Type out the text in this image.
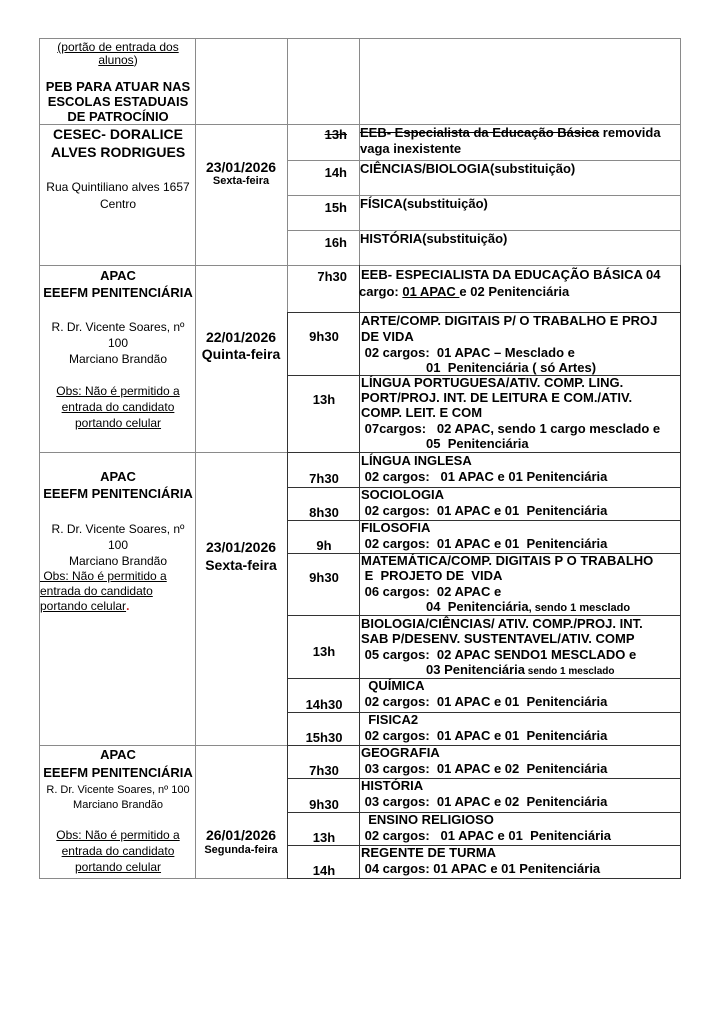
(portão de entrada dos
alunos)
PEB PARA ATUAR NAS
ESCOLAS ESTADUAIS
DE PATROCÍNIO
CESEC- DORALICE
ALVES RODRIGUES
Rua Quintiliano alves 1657
Centro
23/01/2026
Sexta-feira
13h
14h
15h
16h
EEB- Especialista da Educação Básica removida
vaga inexistente
CIÊNCIAS/BIOLOGIA(substituição)
FÍSICA(substituição)
HISTÓRIA(substituição)
APAC
EEEFM PENITENCIÁRIA
R. Dr. Vicente Soares, nº
100
Marciano Brandão
Obs: Não é permitido a
entrada do candidato
portando celular
22/01/2026
Quinta-feira
7h30
9h30
13h
EEB- ESPECIALISTA DA EDUCAÇÃO BÁSICA 04
cargo: 01 APAC e 02 Penitenciária
ARTE/COMP. DIGITAIS P/ O TRABALHO E PROJ
DE VIDA
02 cargos:  01 APAC – Mesclado e
01  Penitenciária ( só Artes)
LÍNGUA PORTUGUESA/ATIV. COMP. LING.
PORT/PROJ. INT. DE LEITURA E COM./ATIV.
COMP. LEIT. E COM
07cargos:   02 APAC, sendo 1 cargo mesclado e
05  Penitenciária
APAC
EEEFM PENITENCIÁRIA
R. Dr. Vicente Soares, nº
100
Marciano Brandão
Obs: Não é permitido a
entrada do candidato
portando celular.
23/01/2026
Sexta-feira
7h30
8h30
9h
9h30
13h
14h30
15h30
LÍNGUA INGLESA
02 cargos:   01 APAC e 01 Penitenciária
SOCIOLOGIA
02 cargos:  01 APAC e 01  Penitenciária
FILOSOFIA
02 cargos:  01 APAC e 01  Penitenciária
MATEMÁTICA/COMP. DIGITAIS P O TRABALHO
E  PROJETO DE  VIDA
06 cargos:  02 APAC e
04  Penitenciária, sendo 1 mesclado
BIOLOGIA/CIÊNCIAS/ ATIV. COMP./PROJ. INT.
SAB P/DESENV. SUSTENTAVEL/ATIV. COMP
05 cargos:  02 APAC SENDO1 MESCLADO e
03 Penitenciária sendo 1 mesclado
QUÍMICA
02 cargos:  01 APAC e 01  Penitenciária
FISICA2
02 cargos:  01 APAC e 01  Penitenciária
APAC
EEEFM PENITENCIÁRIA
R. Dr. Vicente Soares, nº 100
Marciano Brandão
Obs: Não é permitido a
entrada do candidato
portando celular
26/01/2026
Segunda-feira
7h30
9h30
13h
14h
GEOGRAFIA
03 cargos:  01 APAC e 02  Penitenciária
HISTÓRIA
03 cargos:  01 APAC e 02  Penitenciária
ENSINO RELIGIOSO
02 cargos:   01 APAC e 01  Penitenciária
REGENTE DE TURMA
04 cargos: 01 APAC e 01 Penitenciária
